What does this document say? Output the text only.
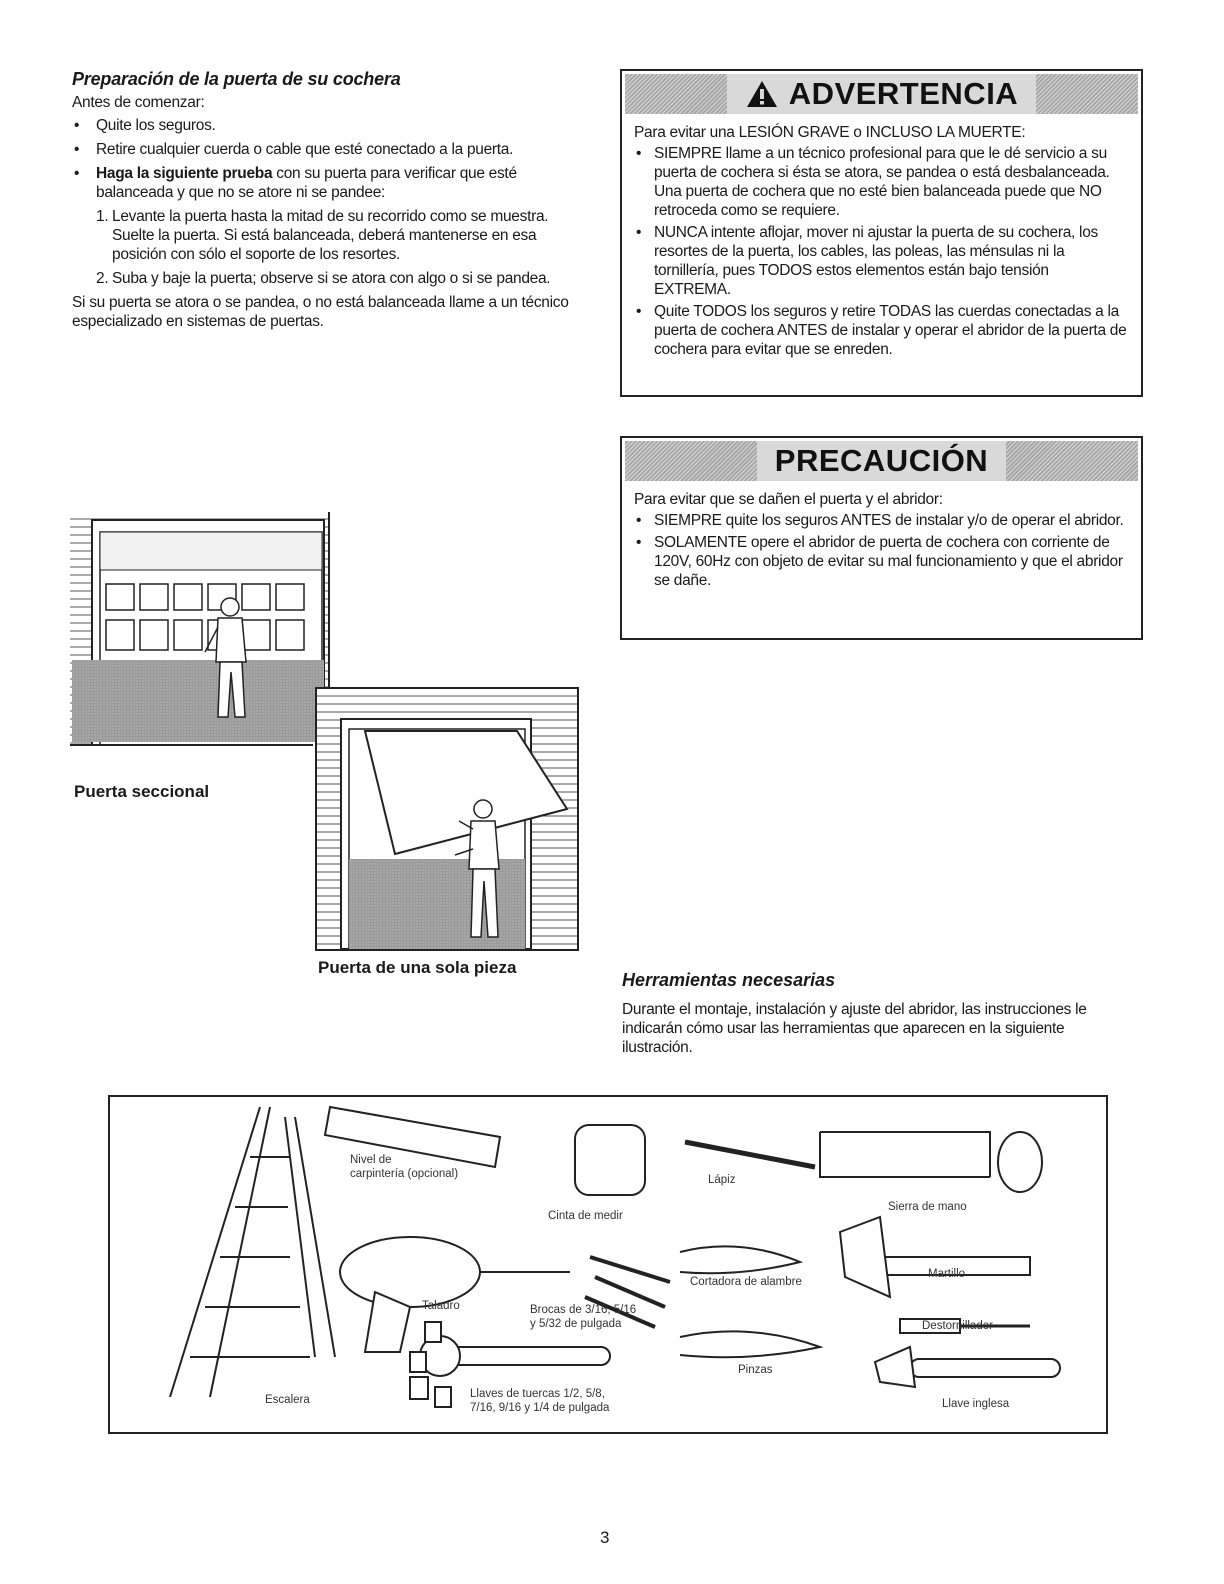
Preparación de la puerta de su cochera
Antes de comenzar:
• Quite los seguros.
• Retire cualquier cuerda o cable que esté conectado a la puerta.
• Haga la siguiente prueba con su puerta para verificar que esté balanceada y que no se atore ni se pandee:
1. Levante la puerta hasta la mitad de su recorrido como se muestra. Suelte la puerta. Si está balanceada, deberá mantenerse en esa posición con sólo el soporte de los resortes.
2. Suba y baje la puerta; observe si se atora con algo o si se pandea.
Si su puerta se atora o se pandea, o no está balanceada llame a un técnico especializado en sistemas de puertas.
ADVERTENCIA
Para evitar una LESIÓN GRAVE o INCLUSO LA MUERTE:
• SIEMPRE llame a un técnico profesional para que le dé servicio a su puerta de cochera si ésta se atora, se pandea o está desbalanceada. Una puerta de cochera que no esté bien balanceada puede que NO retroceda como se requiere.
• NUNCA intente aflojar, mover ni ajustar la puerta de su cochera, los resortes de la puerta, los cables, las poleas, las ménsulas ni la tornillería, pues TODOS estos elementos están bajo tensión EXTREMA.
• Quite TODOS los seguros y retire TODAS las cuerdas conectadas a la puerta de cochera ANTES de instalar y operar el abridor de la puerta de cochera para evitar que se enreden.
PRECAUCIÓN
Para evitar que se dañen el puerta y el abridor:
• SIEMPRE quite los seguros ANTES de instalar y/o de operar el abridor.
• SOLAMENTE opere el abridor de puerta de cochera con corriente de 120V, 60Hz con objeto de evitar su mal funcionamiento y que el abridor se dañe.
Puerta seccional
Puerta de una sola pieza
Herramientas necesarias
Durante el montaje, instalación y ajuste del abridor, las instrucciones le indicarán cómo usar las herramientas que aparecen en la siguiente ilustración.
Nivel de
carpintería (opcional)
Cinta de medir
Lápiz
Sierra de mano
Taladro	Brocas de 3/16, 5/16
y 5/32 de pulgada
Cortadora de alambre
Martillo
Destornillador
Pinzas
Llaves de tuercas 1/2, 5/8,
7/16, 9/16 y 1/4 de pulgada
Escalera	Llave inglesa
3
